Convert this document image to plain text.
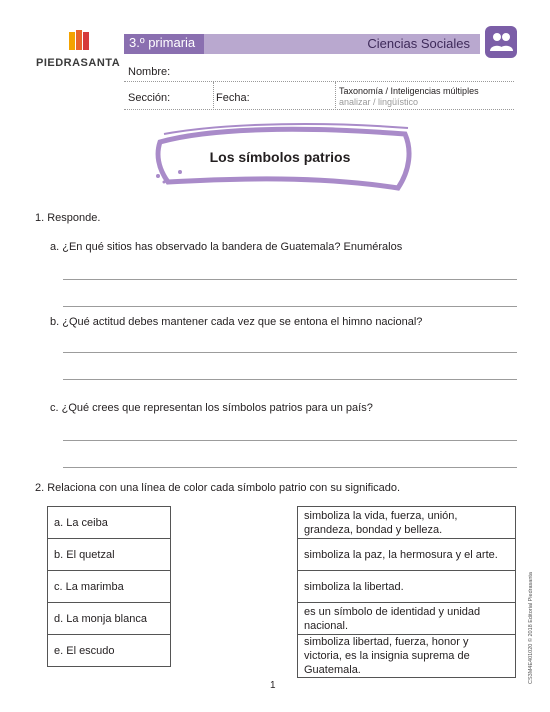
PIEDRASANTA
3.º primaria	Ciencias Sociales
Nombre:
Sección:	Fecha:
Taxonomía / Inteligencias múltiples
analizar / lingüístico
Los símbolos patrios
1. Responde.
a. ¿En qué sitios has observado la bandera de Guatemala? Enuméralos
b. ¿Qué actitud debes mantener cada vez que se entona el himno nacional?
c. ¿Qué crees que representan los símbolos patrios para un país?
2. Relaciona con una línea de color cada símbolo patrio con su significado.
a. La ceiba
b. El quetzal
c. La marimba
d. La monja blanca
e. El escudo
simboliza la vida, fuerza, unión, grandeza, bondad y belleza.
simboliza la paz, la hermosura y el arte.
simboliza la libertad.
es un símbolo de identidad y unidad nacional.
simboliza libertad, fuerza, honor y victoria, es la insignia suprema de Guatemala.	CS3M4E401020 © 2018 Editorial Piedrasanta
1
